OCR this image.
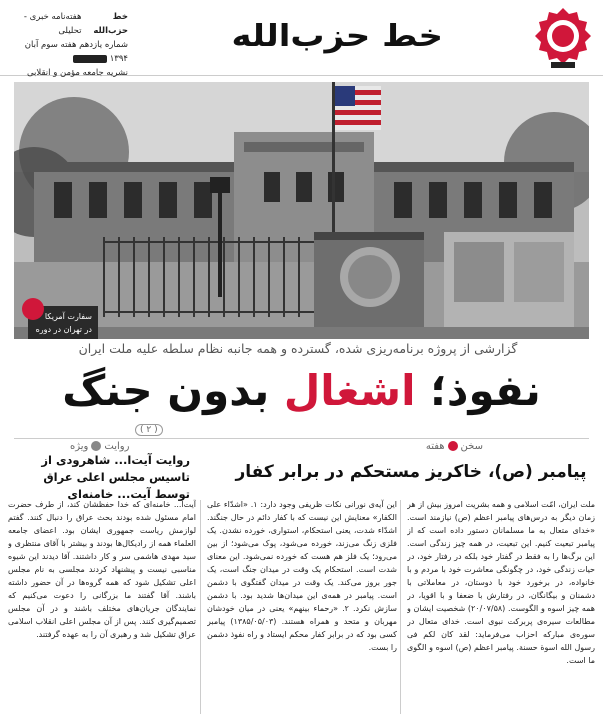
خط حزب‌الله
خط حزب‌الله
هفته‌نامه خبری - تحلیلی
شماره یازدهم هفته سوم آبان ۱۳۹۴
نشریه جامعه مؤمن و انقلابی
سفارت آمریکا
در تهران در دوره
گزارشی از پروژه برنامه‌ریزی شده، گسترده و همه جانبه نظام سلطه علیه ملت ایران
نفوذ؛ اشغال بدون جنگ
( ۲ )
سخنهفته
روایتویژه
پیامبر (ص)، خاکریز مستحکم در برابر کفار
روایت آیت‌ا... شاهرودی از
تاسیس مجلس اعلی عراق توسط آیت... خامنه‌ای
ملت ایران، امّت اسلامی و همه بشریت امروز بیش از هر زمان دیگر به درس‌های پیامبر اعظم (ص) نیازمند است. «خدای متعال به ما مسلمانان دستور داده است که از پیامبر تبعیت کنیم. این تبعیت، در همه چیز زندگی است. این برگ‌ها را به فقط در گفتار خود بلکه در رفتار خود، در حیات زندگی خود، در چگونگی معاشرت خود با مردم و با خانواده، در برخورد خود با دوستان، در معاملاتی با دشمنان و بیگانگان، در رفتارش با ضعفا و با اقویا، در همه چیز اسوه و الگوست. (۲۰/۰۷/۵۸) شخصیت ایشان و مطالعات سیره‌ی پربرکت نبوی است. خدای متعال در سوره‌ی مبارکه احزاب می‌فرماید: لقد کان لکم فی رسول الله اسوة حسنة. پیامبر اعظم (ص) اسوه و الگوی ما است.
این آیه‌ی نورانی نکات ظریفی وجود دارد: ۱. «اشدّاء علی الکفار» معنایش این نیست که با کفار دائم در حال جنگند. اشدّاء شدت، یعنی استحکام، استواری، خورده نشدن. یک فلزی زنگ می‌زند، خورده می‌شود، پوک می‌شود؛ از بین می‌رود؛ یک فلز هم هست که خورده نمی‌شود. این معنای شدت است. استحکام یک وقت در میدان جنگ است، یک جور بروز می‌کند. یک وقت در میدان گفتگوی با دشمن است. پیامبر در همه‌ی این میدان‌ها شدید بود. با دشمن سازش نکرد. ۲. «رحماء بینهم» یعنی در میان خودشان مهربان و متحد و همراه هستند. (۱۳۸۵/۰۵/۰۳) پیامبر کسی بود که در برابر کفار محکم ایستاد و راه نفوذ دشمن را بست.
آیت‌ا... خامنه‌ای که خدا حفظشان کند، از طرف حضرت امام مسئول شده بودند بحث عراق را دنبال کنند. گفتم لوازمش ریاست جمهوری ایشان بود. اعضای جامعه العلماء همه از رادیکال‌ها بودند و بیشتر با آقای منتظری و سید مهدی هاشمی سر و کار داشتند. آقا دیدند این شیوه مناسبی نیست و پیشنهاد کردند مجلسی به نام مجلس اعلی تشکیل شود که همه گروه‌ها در آن حضور داشته باشند. آقا گفتند ما بزرگانی را دعوت می‌کنیم که نمایندگان جریان‌های مختلف باشند و در آن مجلس تصمیم‌گیری کنند. پس از آن مجلس اعلی انقلاب اسلامی عراق تشکیل شد و رهبری آن را به عهده گرفتند.
